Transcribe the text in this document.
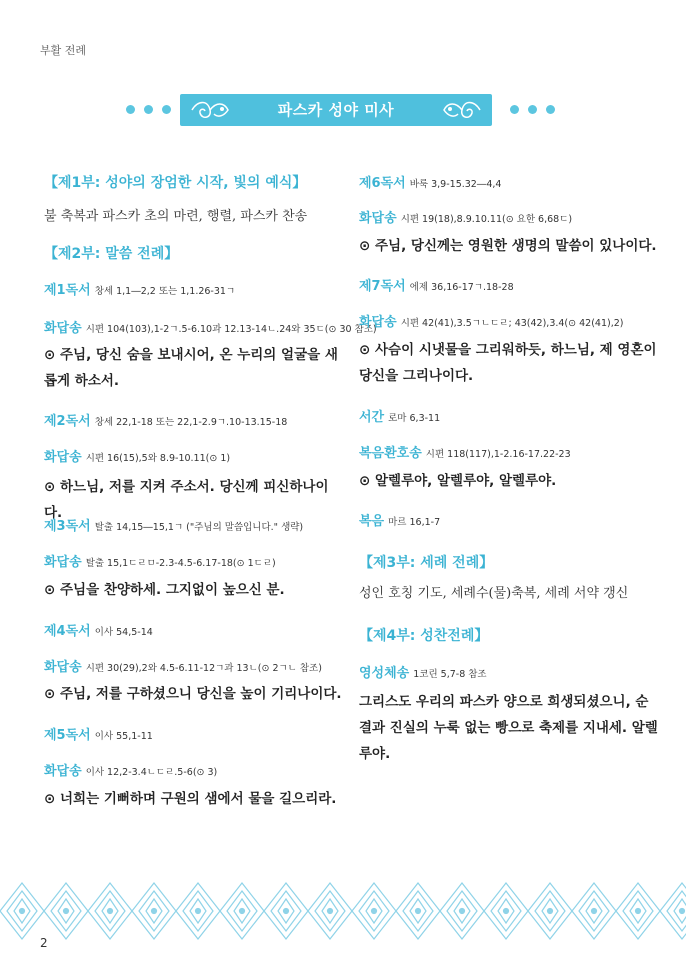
부활 전례
파스카 성야 미사
【제1부: 성야의 장엄한 시작, 빛의 예식】
불 축복과 파스카 초의 마련, 행렬, 파스카 찬송
【제2부: 말씀 전례】
제1독서 창세 1,1―2,2 또는 1,1.26-31ㄱ
화답송 시편 104(103),1-2ㄱ.5-6.10과 12.13-14ㄴ.24와 35ㄷ(⊙ 30 참조)
⊙ 주님, 당신 숨을 보내시어, 온 누리의 얼굴을 새롭게 하소서.
제2독서 창세 22,1-18 또는 22,1-2.9ㄱ.10-13.15-18
화답송 시편 16(15),5와 8.9-10.11(⊙ 1)
⊙ 하느님, 저를 지켜 주소서. 당신께 피신하나이다.
제3독서 탈출 14,15―15,1ㄱ ("주님의 말씀입니다." 생략)
화답송 탈출 15,1ㄷㄹㅁ-2.3-4.5-6.17-18(⊙ 1ㄷㄹ)
⊙ 주님을 찬양하세. 그지없이 높으신 분.
제4독서 이사 54,5-14
화답송 시편 30(29),2와 4.5-6.11-12ㄱ과 13ㄴ(⊙ 2ㄱㄴ 참조)
⊙ 주님, 저를 구하셨으니 당신을 높이 기리나이다.
제5독서 이사 55,1-11
화답송 이사 12,2-3.4ㄴㄷㄹ.5-6(⊙ 3)
⊙ 너희는 기뻐하며 구원의 샘에서 물을 길으리라.
제6독서 바룩 3,9-15.32―4,4
화답송 시편 19(18),8.9.10.11(⊙ 요한 6,68ㄷ)
⊙ 주님, 당신께는 영원한 생명의 말씀이 있나이다.
제7독서 에제 36,16-17ㄱ.18-28
화답송 시편 42(41),3.5ㄱㄴㄷㄹ; 43(42),3.4(⊙ 42(41),2)
⊙ 사슴이 시냇물을 그리워하듯, 하느님, 제 영혼이 당신을 그리나이다.
서간 로마 6,3-11
복음환호송 시편 118(117),1-2.16-17.22-23
⊙ 알렐루야, 알렐루야, 알렐루야.
복음 마르 16,1-7
【제3부: 세례 전례】
성인 호칭 기도, 세례수(물)축복, 세례 서약 갱신
【제4부: 성찬전례】
영성체송 1코린 5,7-8 참조
그리스도 우리의 파스카 양으로 희생되셨으니, 순결과 진실의 누룩 없는 빵으로 축제를 지내세. 알렐루야.
2
